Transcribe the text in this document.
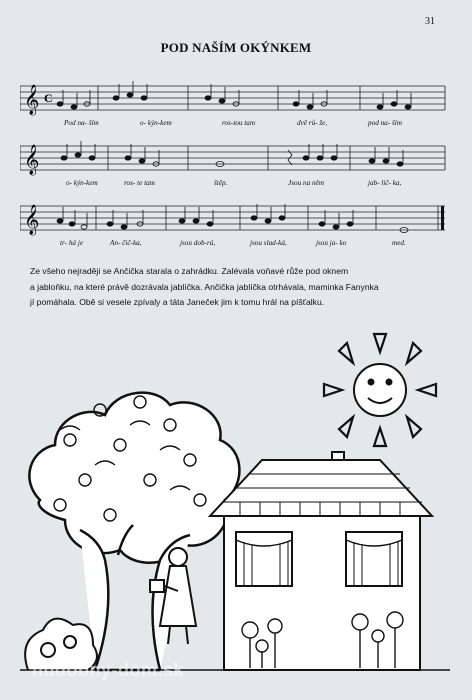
31
POD NAŠÍM OKÝNKEM
𝄞 C
Pod na- ším	o- kýn-kem	ros-tou tam	dvě rů- že,	pod na- ším
𝄞
o- kýn-kem	ros- te tam	štěp.	Jsou na něm	jab- lič- ka,
𝄞
tr- há je	An- čič-ka,	jsou dob-rá,	jsou slad-ká,	jsou ja- ko	med.
Ze všeho nejraději se Ančička starala o zahrádku. Zalévala voňavé růže pod oknem
a jabloňku, na které právě dozrávala jablíčka. Ančička jablíčka otrhávala, maminka Fanynka
jí pomáhala. Obě si vesele zpívaly a táta Janeček jim k tomu hrál na píšťalku.
hudobny-dom.sk
